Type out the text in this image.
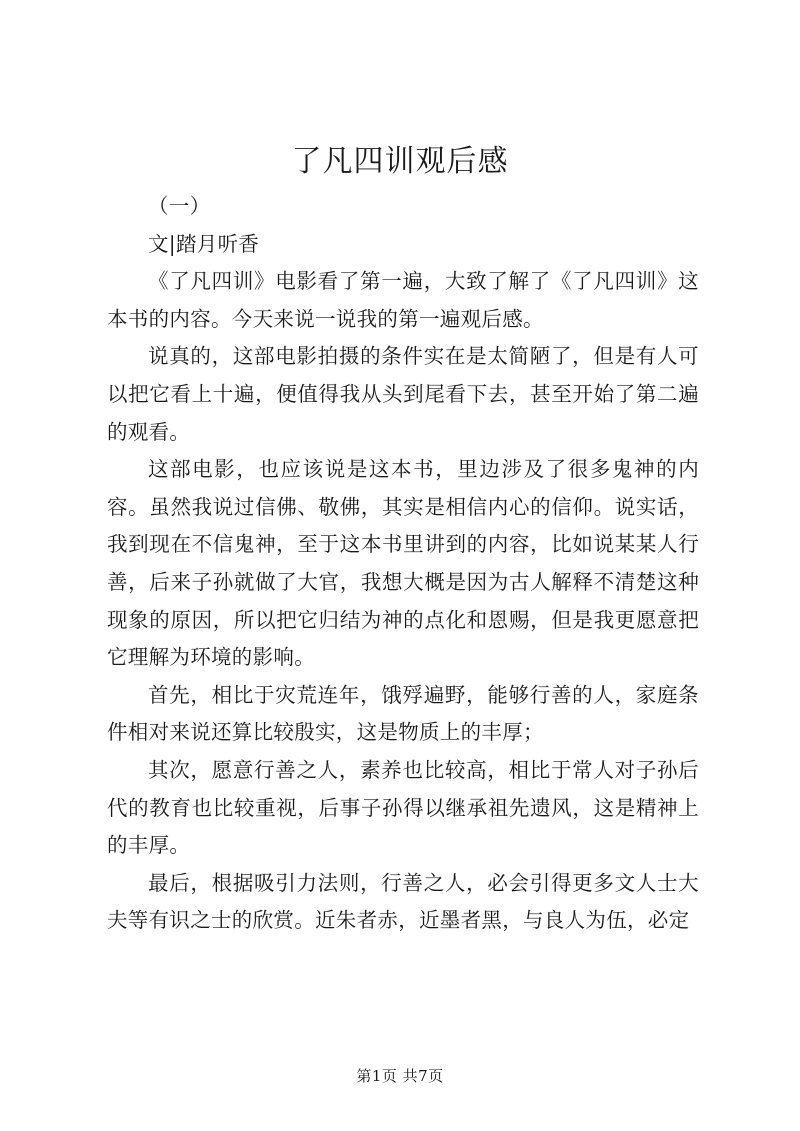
了凡四训观后感

（一）

文|踏月听香

《了凡四训》电影看了第一遍，大致了解了《了凡四训》这本书的内容。今天来说一说我的第一遍观后感。

说真的，这部电影拍摄的条件实在是太简陋了，但是有人可以把它看上十遍，便值得我从头到尾看下去，甚至开始了第二遍的观看。

这部电影，也应该说是这本书，里边涉及了很多鬼神的内容。虽然我说过信佛、敬佛，其实是相信内心的信仰。说实话，我到现在不信鬼神，至于这本书里讲到的内容，比如说某某人行善，后来子孙就做了大官，我想大概是因为古人解释不清楚这种现象的原因，所以把它归结为神的点化和恩赐，但是我更愿意把它理解为环境的影响。

首先，相比于灾荒连年，饿殍遍野，能够行善的人，家庭条件相对来说还算比较殷实，这是物质上的丰厚；

其次，愿意行善之人，素养也比较高，相比于常人对子孙后代的教育也比较重视，后事子孙得以继承祖先遗风，这是精神上的丰厚。

最后，根据吸引力法则，行善之人，必会引得更多文人士大夫等有识之士的欣赏。近朱者赤，近墨者黑，与良人为伍，必定

第1页 共7页
